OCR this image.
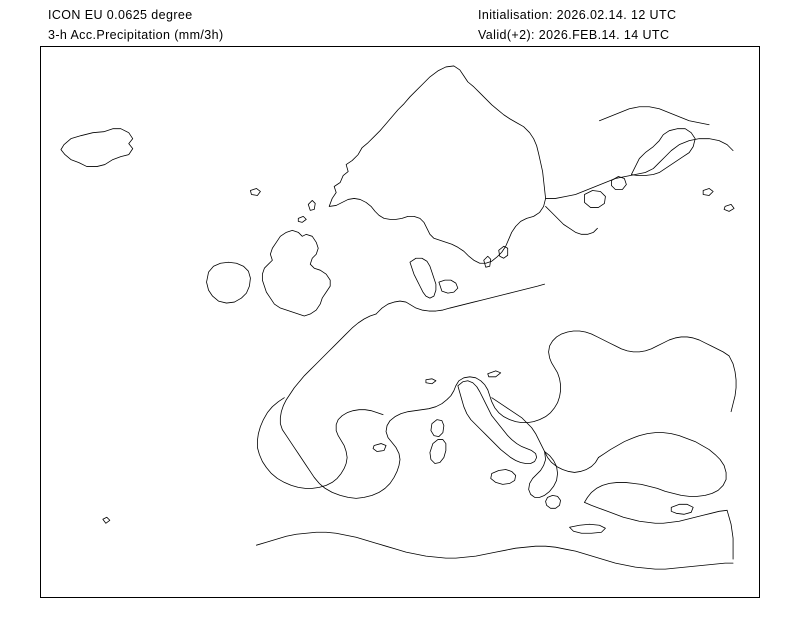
ICON EU 0.0625 degree
3-h Acc.Precipitation (mm/3h)
Initialisation: 2026.02.14. 12 UTC
Valid(+2): 2026.FEB.14. 14 UTC
